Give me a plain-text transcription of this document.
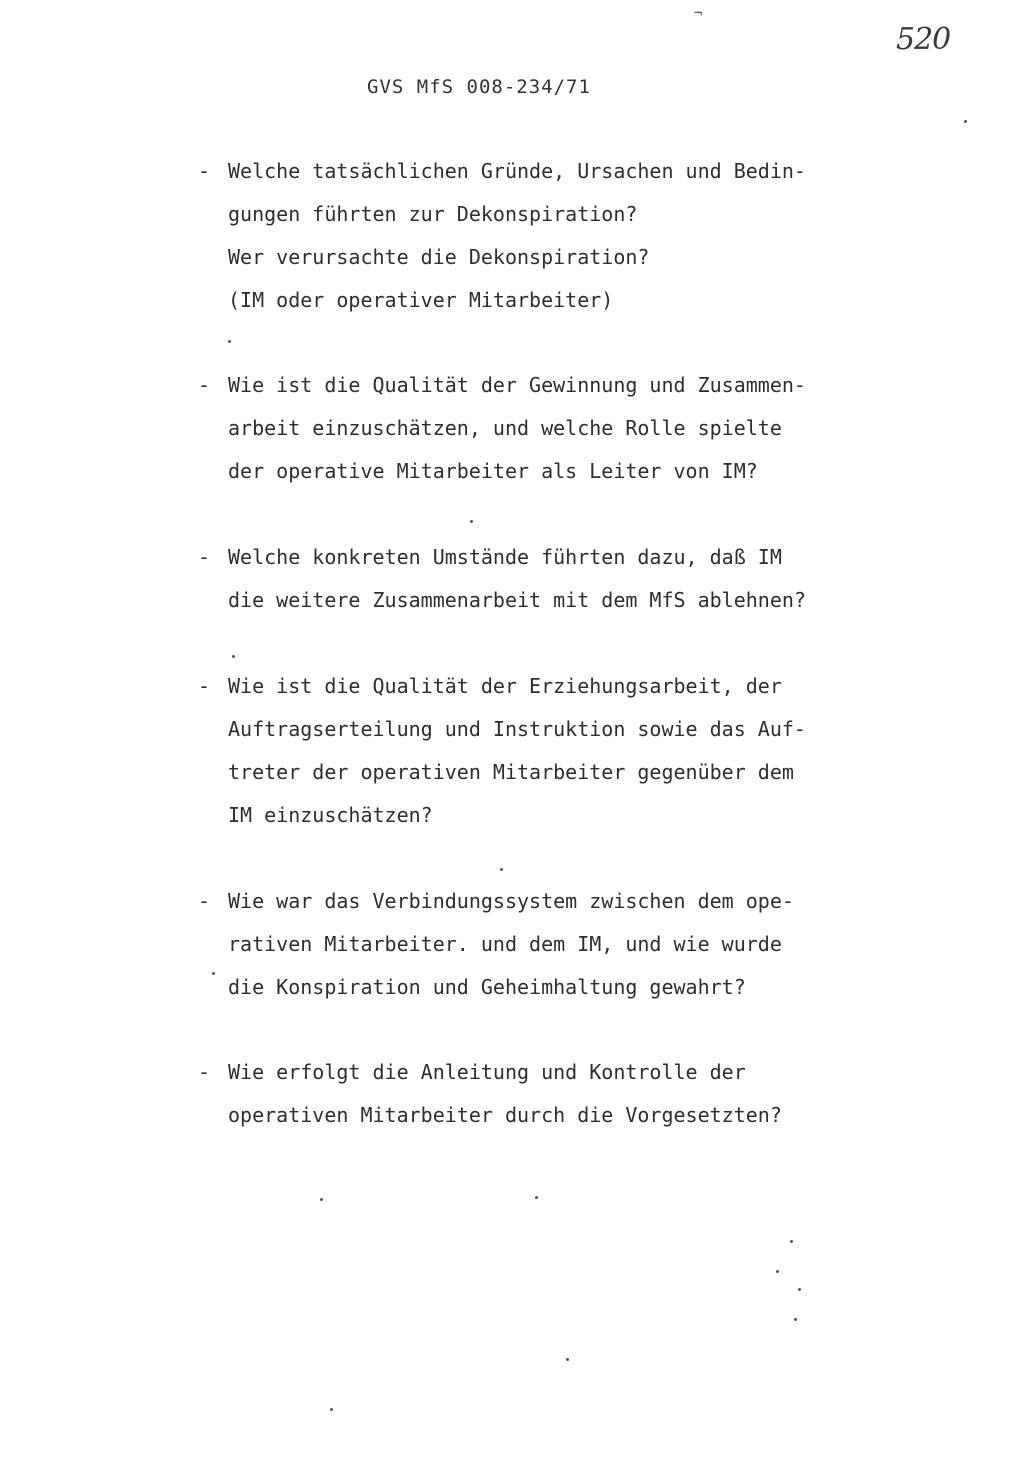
¬
520
GVS MfS 008-234/71
- Welche tatsächlichen Gründe, Ursachen und Bedin-
gungen führten zur Dekonspiration?
Wer verursachte die Dekonspiration?
(IM oder operativer Mitarbeiter)
- Wie ist die Qualität der Gewinnung und Zusammen-
arbeit einzuschätzen, und welche Rolle spielte
der operative Mitarbeiter als Leiter von IM?
- Welche konkreten Umstände führten dazu, daß IM
die weitere Zusammenarbeit mit dem MfS ablehnen?
- Wie ist die Qualität der Erziehungsarbeit, der
Auftragserteilung und Instruktion sowie das Auf-
treter der operativen Mitarbeiter gegenüber dem
IM einzuschätzen?
- Wie war das Verbindungssystem zwischen dem ope-
rativen Mitarbeiter. und dem IM, und wie wurde
die Konspiration und Geheimhaltung gewahrt?
- Wie erfolgt die Anleitung und Kontrolle der
operativen Mitarbeiter durch die Vorgesetzten?
